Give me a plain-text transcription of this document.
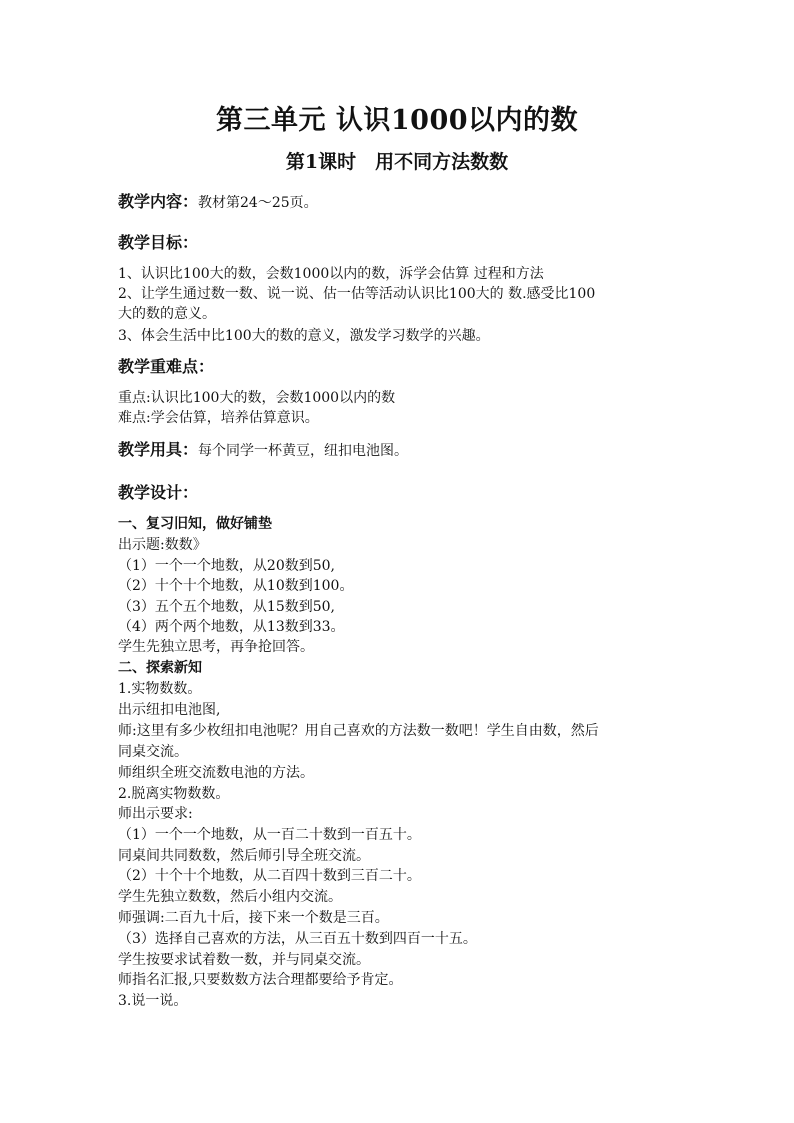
第三单元 认识1000以内的数
第1课时　用不同方法数数
教学内容：教材第24～25页。
教学目标：
1、认识比100大的数，会数1000以内的数，泝学会估算 过程和方法
2、让学生通过数一数、说一说、估一估等活动认识比100大的 数.感受比100
大的数的意义。
3、体会生活中比100大的数的意义，激发学习数学的兴趣。
教学重难点：
重点:认识比100大的数，会数1000以内的数
难点:学会估算，培养估算意识。
教学用具：每个同学一杯黄豆，纽扣电池图。
教学设计：
一、复习旧知，做好铺垫
出示题:数数》
（1）一个一个地数，从20数到50,
（2）十个十个地数，从10数到100。
（3）五个五个地数，从15数到50,
（4）两个两个地数，从13数到33。
学生先独立思考，再争抢回答。
二、探索新知
1.实物数数。
出示纽扣电池图,
师:这里有多少枚纽扣电池呢？用自己喜欢的方法数一数吧！学生自由数，然后
同桌交流。
师组织全班交流数电池的方法。
2.脱离实物数数。
师出示要求:
（1）一个一个地数，从一百二十数到一百五十。
同桌间共同数数，然后师引导全班交流。
（2）十个十个地数，从二百四十数到三百二十。
学生先独立数数，然后小组内交流。
师强调:二百九十后，接下来一个数是三百。
（3）选择自己喜欢的方法，从三百五十数到四百一十五。
学生按要求试着数一数，并与同桌交流。
师指名汇报,只要数数方法合理都要给予肯定。
3.说一说。
